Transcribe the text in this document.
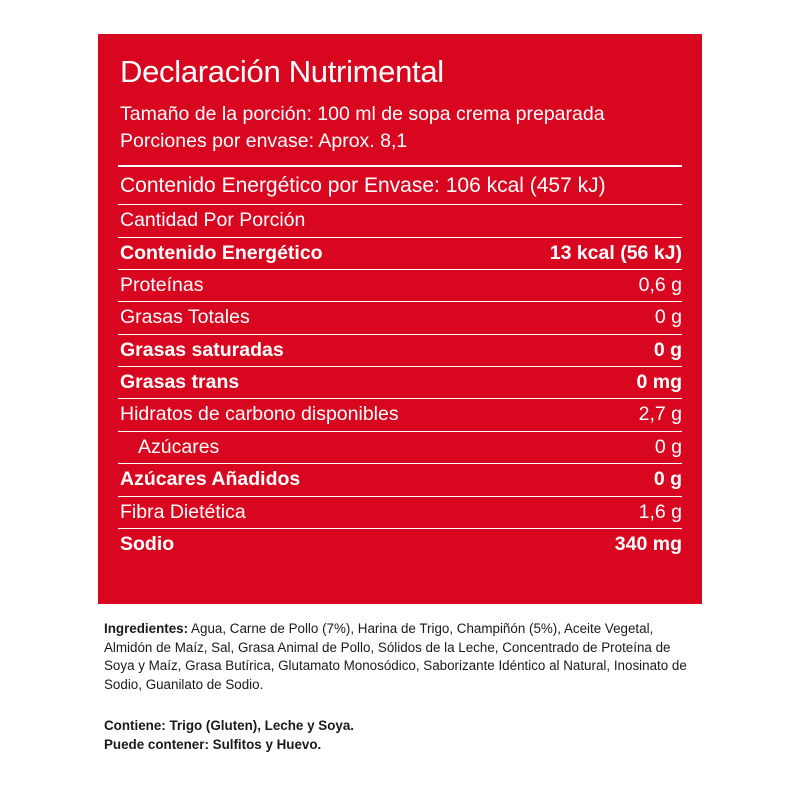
Declaración Nutrimental
Tamaño de la porción: 100 ml de sopa crema preparada
Porciones por envase: Aprox. 8,1
Contenido Energético por Envase: 106 kcal (457 kJ)
Cantidad Por Porción
Contenido Energético	13 kcal (56 kJ)
Proteínas	0,6 g
Grasas Totales	0 g
Grasas saturadas	0 g
Grasas trans	0 mg
Hidratos de carbono disponibles	2,7 g
Azúcares	0 g
Azúcares Añadidos	0 g
Fibra Dietética	1,6 g
Sodio	340 mg
Ingredientes: Agua, Carne de Pollo (7%), Harina de Trigo, Champiñón (5%), Aceite Vegetal, Almidón de Maíz, Sal, Grasa Animal de Pollo, Sólidos de la Leche, Concentrado de Proteína de Soya y Maíz, Grasa Butírica, Glutamato Monosódico, Saborizante Idéntico al Natural, Inosinato de Sodio, Guanilato de Sodio.
Contiene: Trigo (Gluten), Leche y Soya.
Puede contener: Sulfitos y Huevo.
